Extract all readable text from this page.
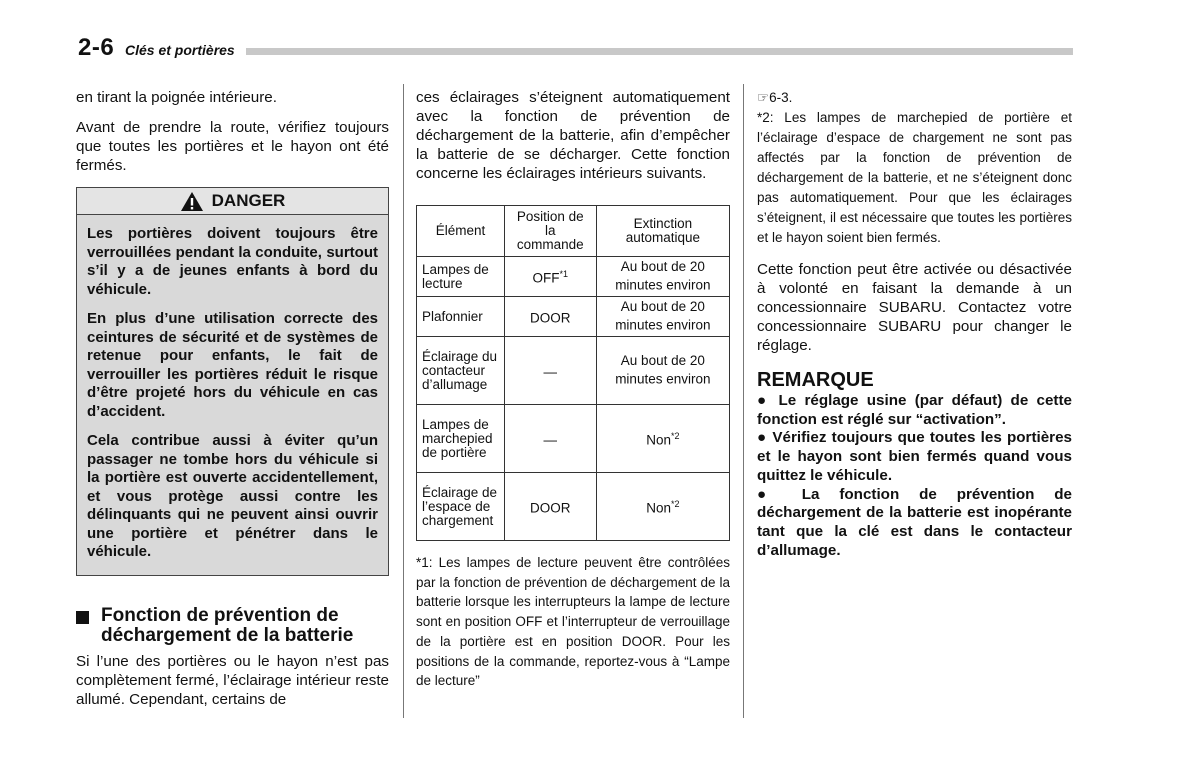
2-6 Clés et portières

en tirant la poignée intérieure.

Avant de prendre la route, vérifiez toujours que toutes les portières et le hayon ont été fermés.

DANGER

Les portières doivent toujours être verrouillées pendant la conduite, surtout s’il y a de jeunes enfants à bord du véhicule.

En plus d’une utilisation correcte des ceintures de sécurité et de systèmes de retenue pour enfants, le fait de verrouiller les portières réduit le risque d’être projeté hors du véhicule en cas d’accident.

Cela contribue aussi à éviter qu’un passager ne tombe hors du véhicule si la portière est ouverte accidentellement, et vous protège aussi contre les délinquants qui ne peuvent ainsi ouvrir une portière et pénétrer dans le véhicule.

Fonction de prévention de déchargement de la batterie

Si l’une des portières ou le hayon n’est pas complètement fermé, l’éclairage intérieur reste allumé. Cependant, certains de

ces éclairages s’éteignent automatiquement avec la fonction de prévention de déchargement de la batterie, afin d’empêcher la batterie de se décharger. Cette fonction concerne les éclairages intérieurs suivants.

Élément	Position de la commande	Extinction automatique
Lampes de lecture	OFF$^{*1}$	Au bout de 20 minutes environ
Plafonnier	DOOR	Au bout de 20 minutes environ
Éclairage du contacteur d’allumage	—	Au bout de 20 minutes environ
Lampes de marchepied de portière	—	Non$^{*2}$
Éclairage de l’espace de chargement	DOOR	Non$^{*2}$

*1: Les lampes de lecture peuvent être contrôlées par la fonction de prévention de déchargement de la batterie lorsque les interrupteurs la lampe de lecture sont en position OFF et l’interrupteur de verrouillage de la portière est en position DOOR. Pour les positions de la commande, reportez-vous à “Lampe de lecture”

☞6-3.

*2: Les lampes de marchepied de portière et l’éclairage d’espace de chargement ne sont pas affectés par la fonction de prévention de déchargement de la batterie, et ne s’éteignent donc pas automatiquement. Pour que les éclairages s’éteignent, il est nécessaire que toutes les portières et le hayon soient bien fermés.

Cette fonction peut être activée ou désactivée à volonté en faisant la demande à un concessionnaire SUBARU. Contactez votre concessionnaire SUBARU pour changer le réglage.

REMARQUE

● Le réglage usine (par défaut) de cette fonction est réglé sur “activation”.

● Vérifiez toujours que toutes les portières et le hayon sont bien fermés quand vous quittez le véhicule.

● La fonction de prévention de déchargement de la batterie est inopérante tant que la clé est dans le contacteur d’allumage.
